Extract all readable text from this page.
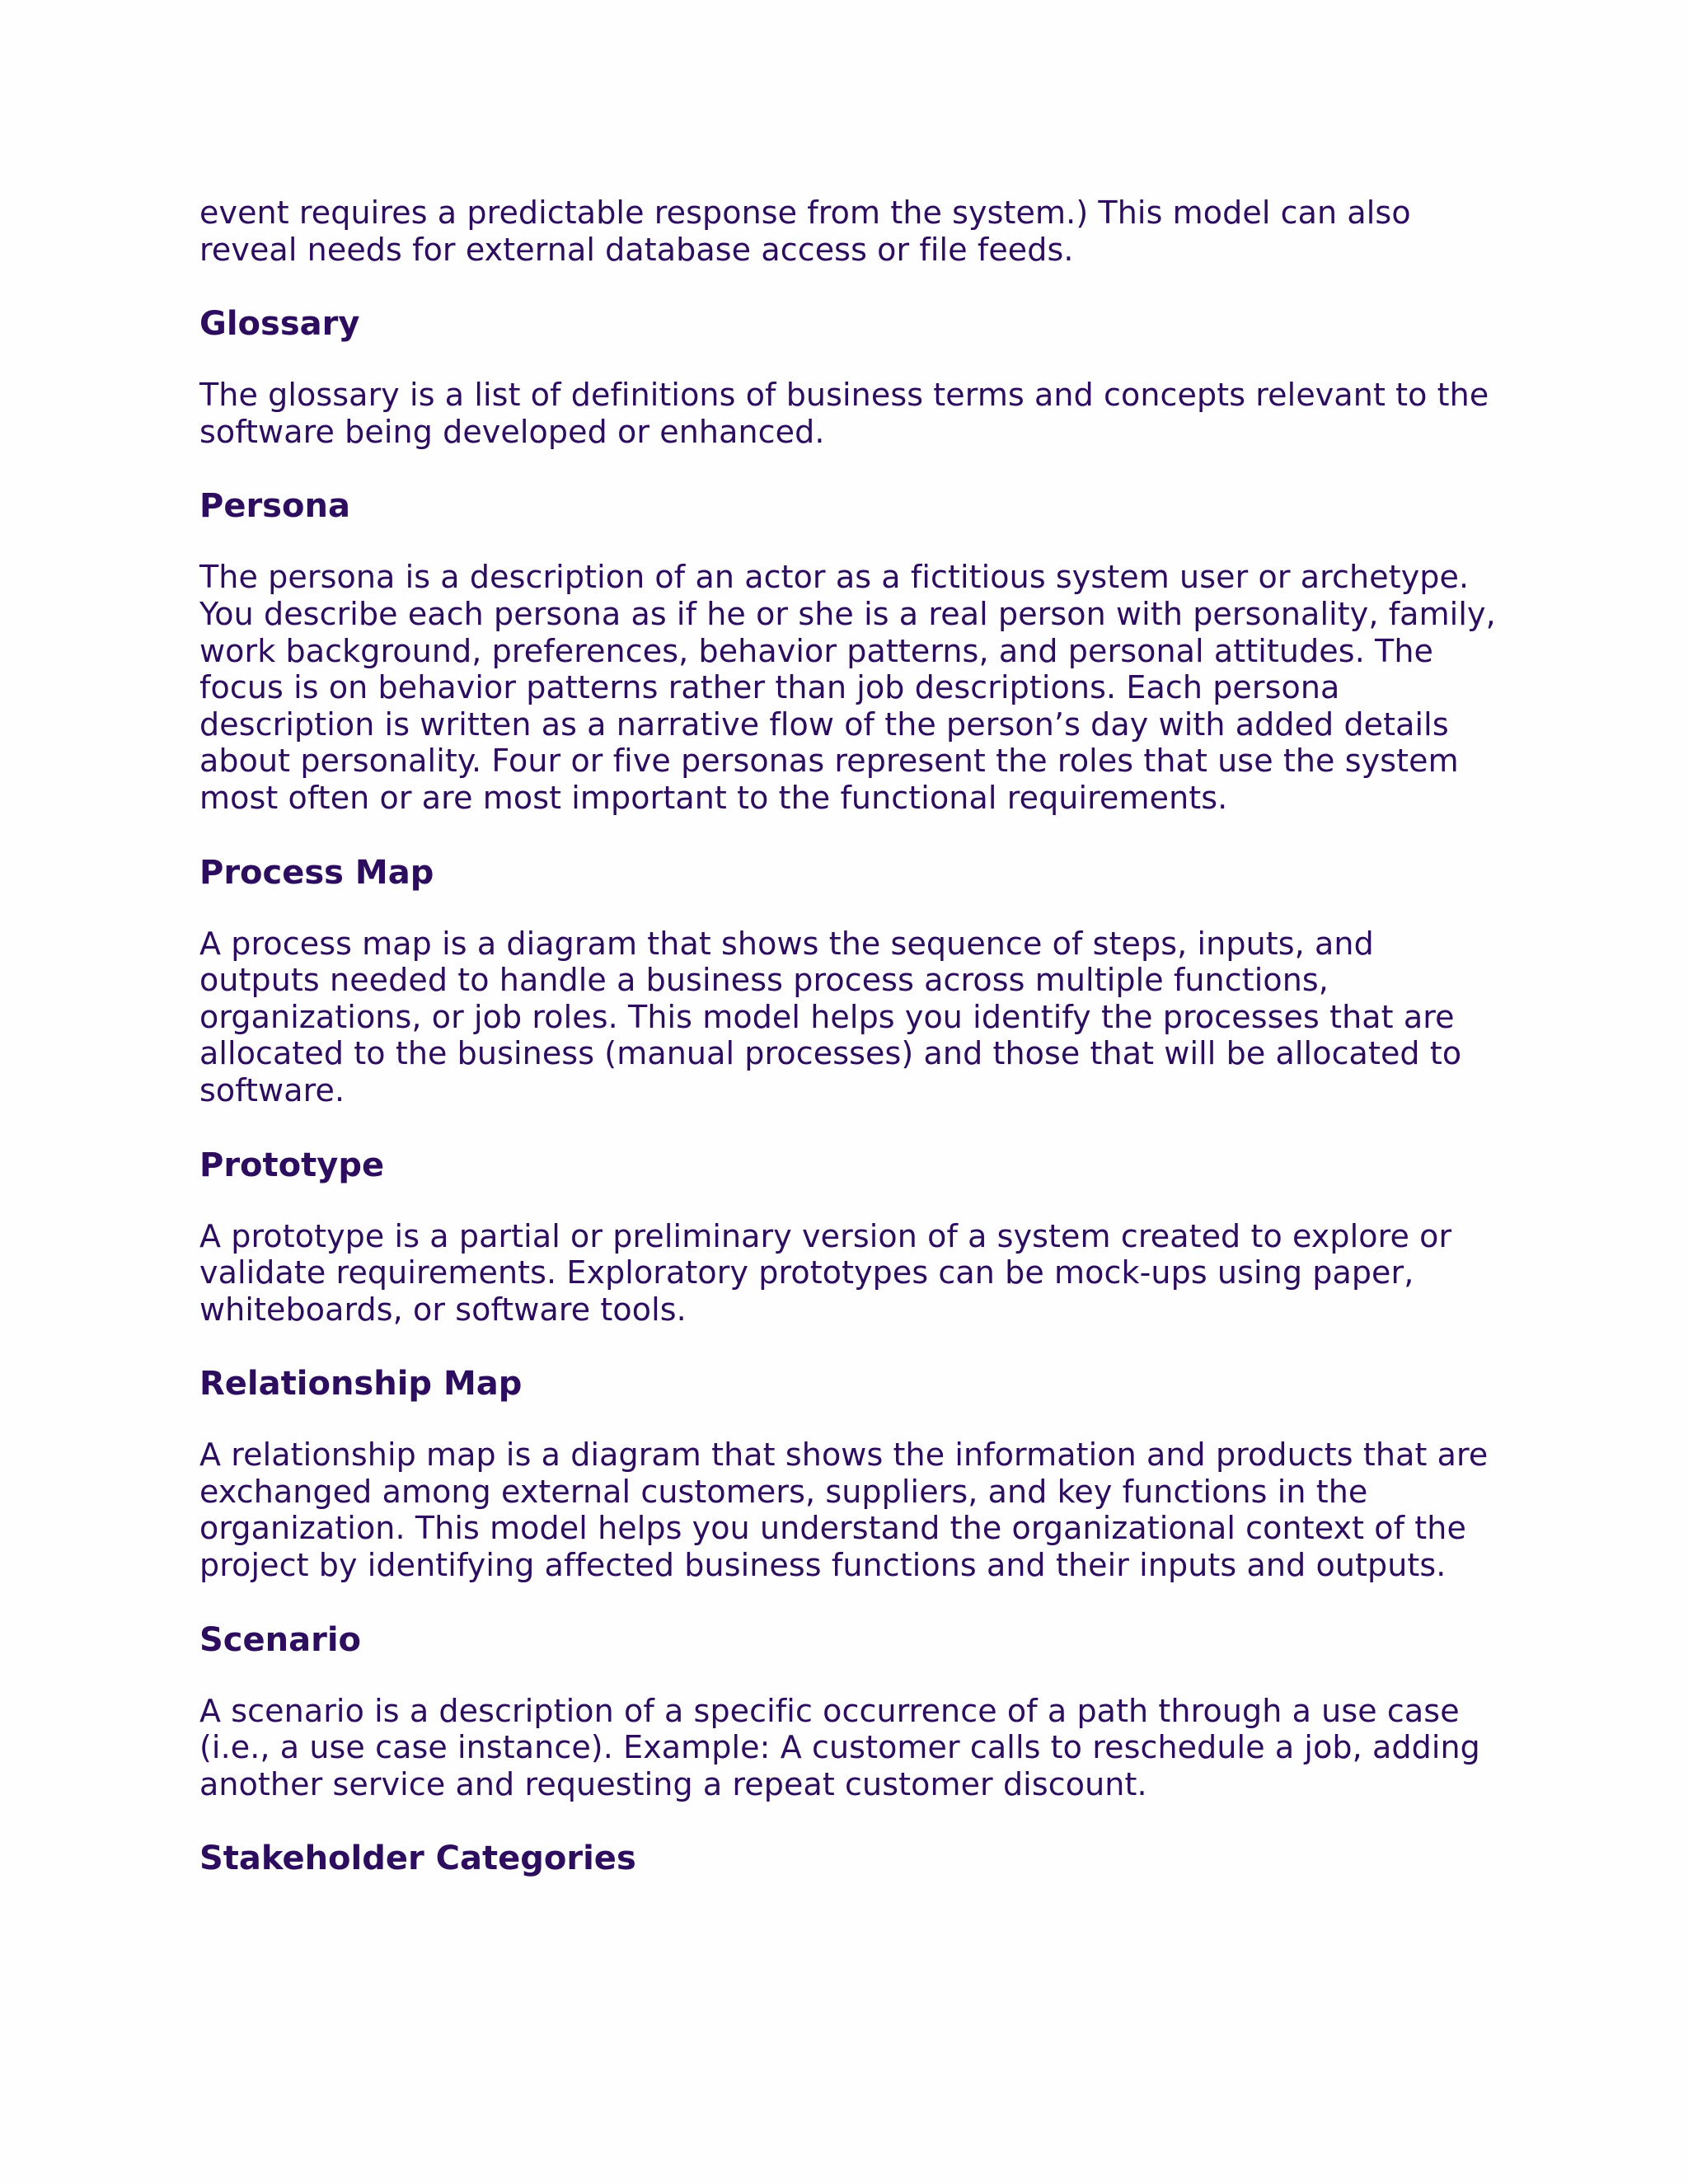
event requires a predictable response from the system.) This model can also reveal needs for external database access or file feeds.

Glossary

The glossary is a list of definitions of business terms and concepts relevant to the software being developed or enhanced.

Persona

The persona is a description of an actor as a fictitious system user or archetype. You describe each persona as if he or she is a real person with personality, family, work background, preferences, behavior patterns, and personal attitudes. The focus is on behavior patterns rather than job descriptions. Each persona description is written as a narrative flow of the person’s day with added details about personality. Four or five personas represent the roles that use the system most often or are most important to the functional requirements.

Process Map

A process map is a diagram that shows the sequence of steps, inputs, and outputs needed to handle a business process across multiple functions, organizations, or job roles. This model helps you identify the processes that are allocated to the business (manual processes) and those that will be allocated to software.

Prototype

A prototype is a partial or preliminary version of a system created to explore or validate requirements. Exploratory prototypes can be mock-ups using paper, whiteboards, or software tools.

Relationship Map

A relationship map is a diagram that shows the information and products that are exchanged among external customers, suppliers, and key functions in the organization. This model helps you understand the organizational context of the project by identifying affected business functions and their inputs and outputs.

Scenario

A scenario is a description of a specific occurrence of a path through a use case (i.e., a use case instance). Example: A customer calls to reschedule a job, adding another service and requesting a repeat customer discount.

Stakeholder Categories
